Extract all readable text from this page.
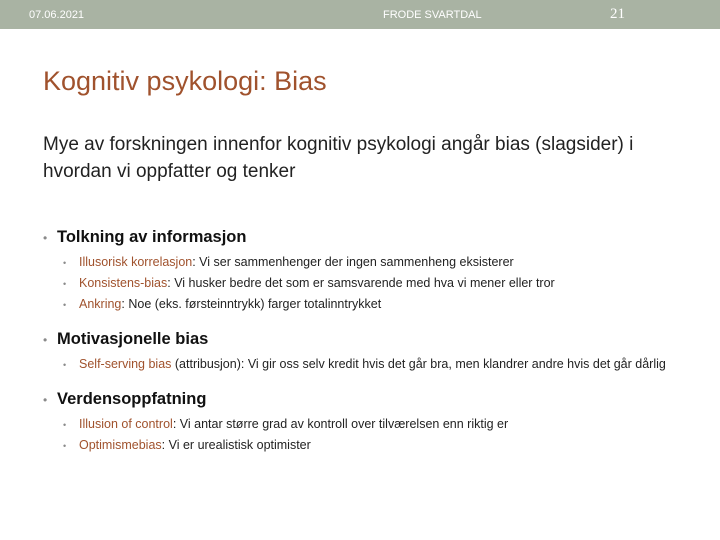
07.06.2021	FRODE SVARTDAL	21
Kognitiv psykologi: Bias

Mye av forskningen innenfor kognitiv psykologi angår bias (slagsider) i hvordan vi oppfatter og tenker

• Tolkning av informasjon
•	Illusorisk korrelasjon: Vi ser sammenhenger der ingen sammenheng eksisterer
•	Konsistens-bias: Vi husker bedre det som er samsvarende med hva vi mener eller tror
•	Ankring: Noe (eks. førsteinntrykk) farger totalinntrykket
• Motivasjonelle bias
•	Self-serving bias (attribusjon): Vi gir oss selv kredit hvis det går bra, men klandrer andre hvis det går dårlig
• Verdensoppfatning
•	Illusion of control: Vi antar større grad av kontroll over tilværelsen enn riktig er
•	Optimismebias: Vi er urealistisk optimister
